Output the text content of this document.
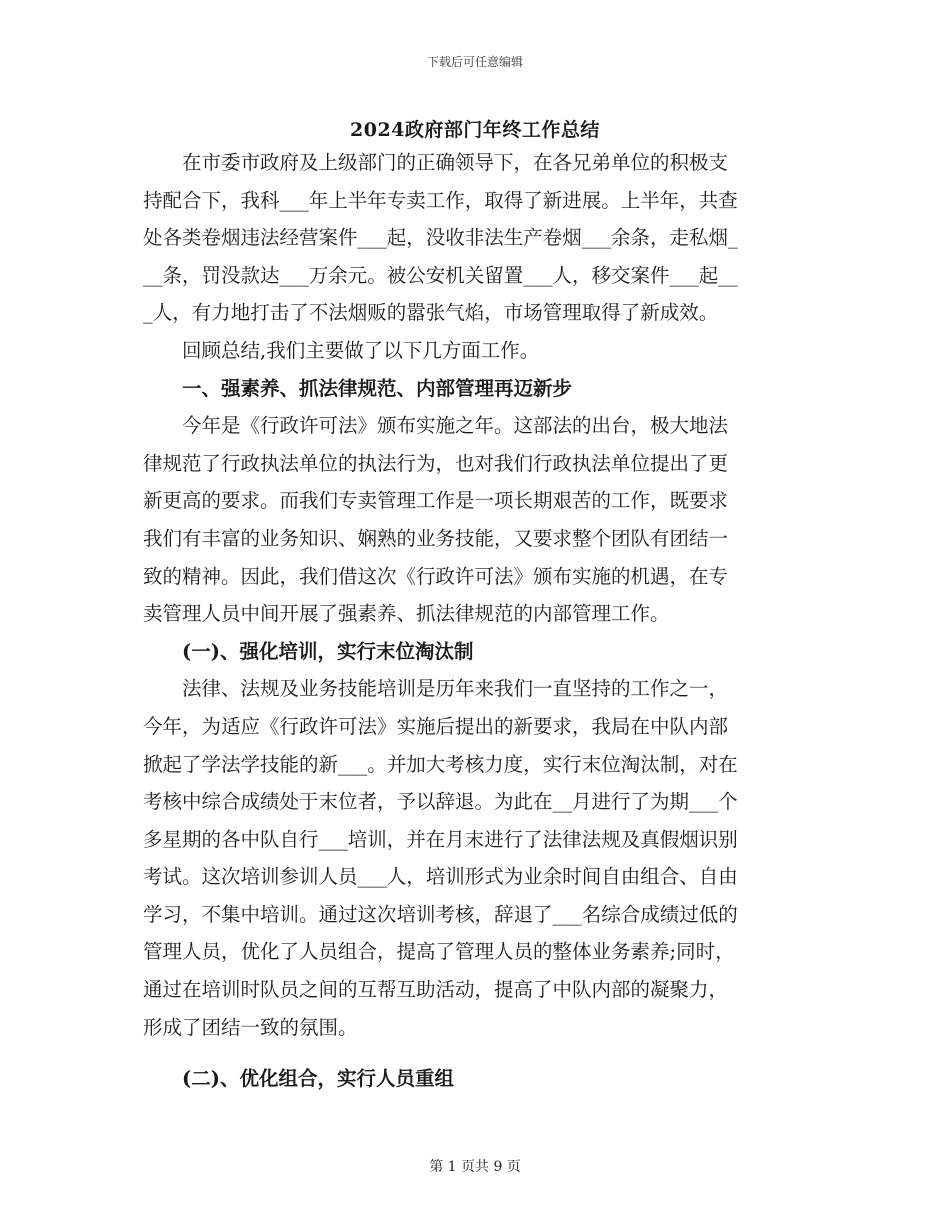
下载后可任意编辑
2024政府部门年终工作总结

在市委市政府及上级部门的正确领导下，在各兄弟单位的积极支
持配合下，我科___年上半年专卖工作，取得了新进展。上半年，共查
处各类卷烟违法经营案件___起，没收非法生产卷烟___余条，走私烟_
__条，罚没款达___万余元。被公安机关留置___人，移交案件___起__
_人，有力地打击了不法烟贩的嚣张气焰，市场管理取得了新成效。

回顾总结,我们主要做了以下几方面工作。

一、强素养、抓法律规范、内部管理再迈新步

今年是《行政许可法》颁布实施之年。这部法的出台，极大地法
律规范了行政执法单位的执法行为，也对我们行政执法单位提出了更
新更高的要求。而我们专卖管理工作是一项长期艰苦的工作，既要求
我们有丰富的业务知识、娴熟的业务技能，又要求整个团队有团结一
致的精神。因此，我们借这次《行政许可法》颁布实施的机遇，在专
卖管理人员中间开展了强素养、抓法律规范的内部管理工作。

(一)、强化培训，实行末位淘汰制

法律、法规及业务技能培训是历年来我们一直坚持的工作之一，
今年，为适应《行政许可法》实施后提出的新要求，我局在中队内部
掀起了学法学技能的新___。并加大考核力度，实行末位淘汰制，对在
考核中综合成绩处于末位者，予以辞退。为此在__月进行了为期___个
多星期的各中队自行___培训，并在月末进行了法律法规及真假烟识别
考试。这次培训参训人员___人，培训形式为业余时间自由组合、自由
学习，不集中培训。通过这次培训考核，辞退了___名综合成绩过低的
管理人员，优化了人员组合，提高了管理人员的整体业务素养;同时，
通过在培训时队员之间的互帮互助活动，提高了中队内部的凝聚力，
形成了团结一致的氛围。

(二)、优化组合，实行人员重组
第 1 页共 9 页
